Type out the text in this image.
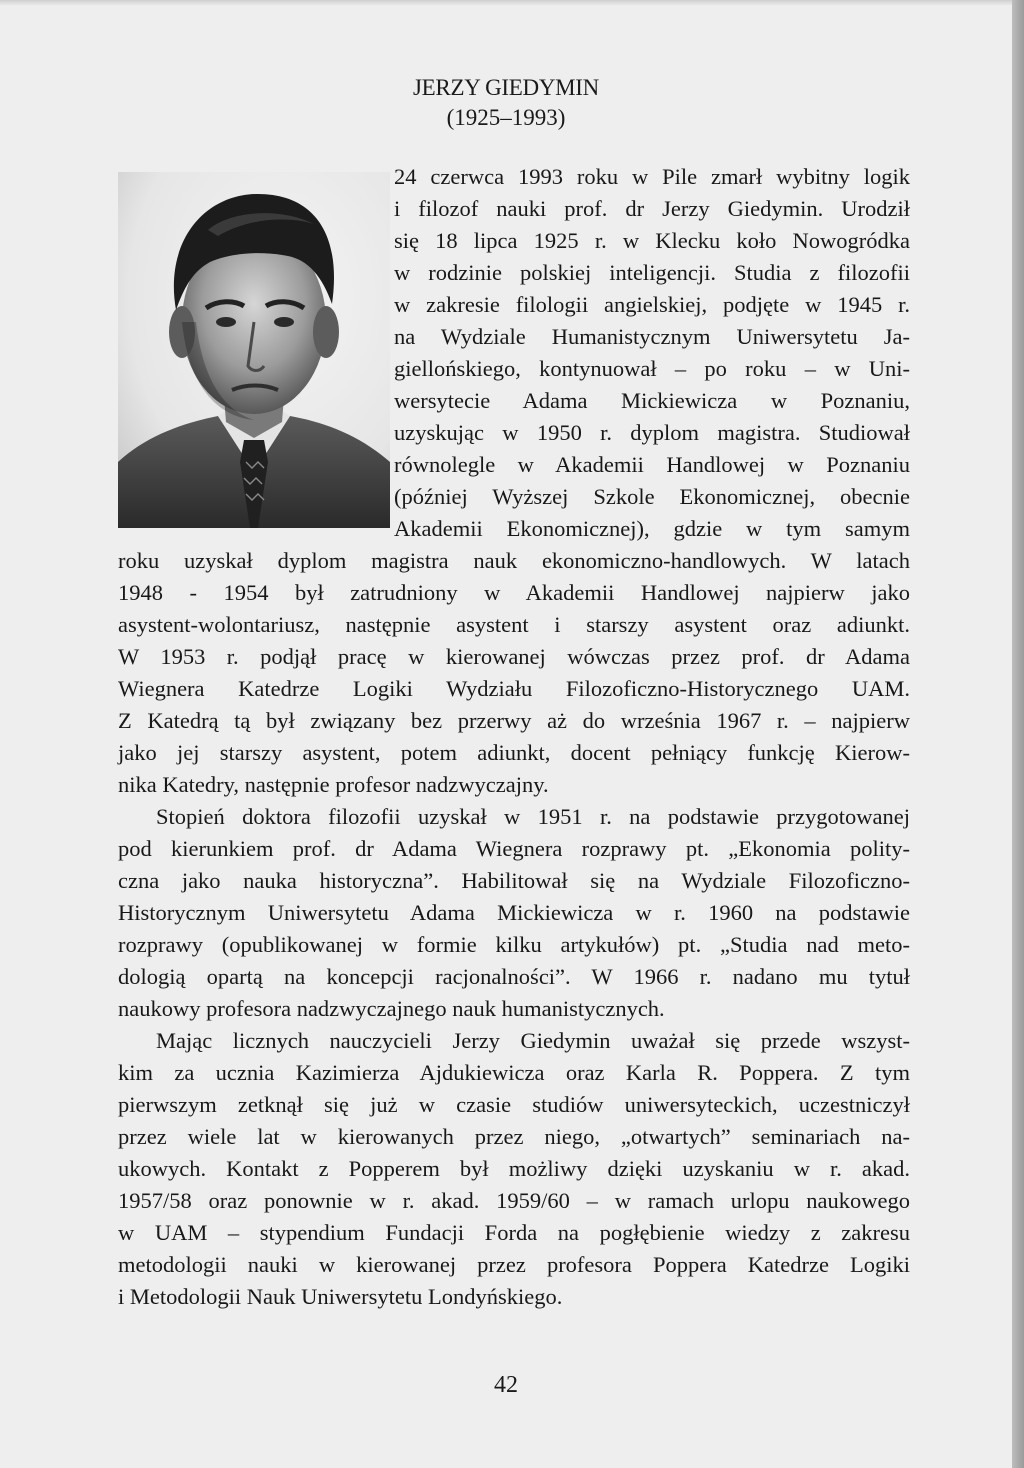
JERZY GIEDYMIN
(1925–1993)
24 czerwca 1993 roku w Pile zmarł wybitny logik
i filozof nauki prof. dr Jerzy Giedymin. Urodził
się 18 lipca 1925 r. w Klecku koło Nowogródka
w rodzinie polskiej inteligencji. Studia z filozofii
w zakresie filologii angielskiej, podjęte w 1945 r.
na Wydziale Humanistycznym Uniwersytetu Ja-
giellońskiego, kontynuował – po roku – w Uni-
wersytecie Adama Mickiewicza w Poznaniu,
uzyskując w 1950 r. dyplom magistra. Studiował
równolegle w Akademii Handlowej w Poznaniu
(później Wyższej Szkole Ekonomicznej, obecnie
Akademii Ekonomicznej), gdzie w tym samym
roku uzyskał dyplom magistra nauk ekonomiczno-handlowych. W latach
1948 - 1954 był zatrudniony w Akademii Handlowej najpierw jako
asystent-wolontariusz, następnie asystent i starszy asystent oraz adiunkt.
W 1953 r. podjął pracę w kierowanej wówczas przez prof. dr Adama
Wiegnera Katedrze Logiki Wydziału Filozoficzno-Historycznego UAM.
Z Katedrą tą był związany bez przerwy aż do września 1967 r. – najpierw
jako jej starszy asystent, potem adiunkt, docent pełniący funkcję Kierow-
nika Katedry, następnie profesor nadzwyczajny.
Stopień doktora filozofii uzyskał w 1951 r. na podstawie przygotowanej
pod kierunkiem prof. dr Adama Wiegnera rozprawy pt. „Ekonomia polity-
czna jako nauka historyczna”. Habilitował się na Wydziale Filozoficzno-
Historycznym Uniwersytetu Adama Mickiewicza w r. 1960 na podstawie
rozprawy (opublikowanej w formie kilku artykułów) pt. „Studia nad meto-
dologią opartą na koncepcji racjonalności”. W 1966 r. nadano mu tytuł
naukowy profesora nadzwyczajnego nauk humanistycznych.
Mając licznych nauczycieli Jerzy Giedymin uważał się przede wszyst-
kim za ucznia Kazimierza Ajdukiewicza oraz Karla R. Poppera. Z tym
pierwszym zetknął się już w czasie studiów uniwersyteckich, uczestniczył
przez wiele lat w kierowanych przez niego, „otwartych” seminariach na-
ukowych. Kontakt z Popperem był możliwy dzięki uzyskaniu w r. akad.
1957/58 oraz ponownie w r. akad. 1959/60 – w ramach urlopu naukowego
w UAM – stypendium Fundacji Forda na pogłębienie wiedzy z zakresu
metodologii nauki w kierowanej przez profesora Poppera Katedrze Logiki
i Metodologii Nauk Uniwersytetu Londyńskiego.
42
